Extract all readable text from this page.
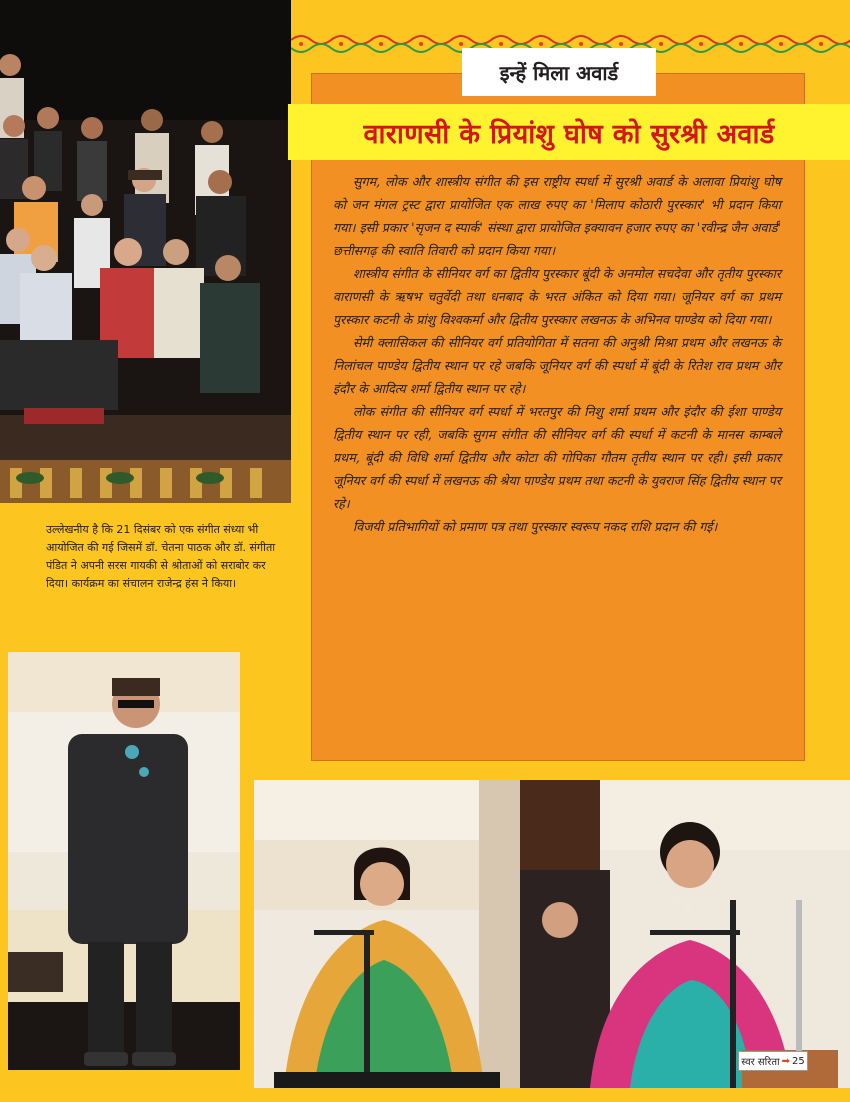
उल्लेखनीय है कि 21 दिसंबर को एक संगीत संध्या भी आयोजित की गई जिसमें डॉ. चेतना पाठक और डॉ. संगीता पंडित ने अपनी सरस गायकी से श्रोताओं को सराबोर कर दिया। कार्यक्रम का संचालन राजेन्द्र हंस ने किया।
इन्हें मिला अवार्ड
वाराणसी के प्रियांशु घोष को सुरश्री अवार्ड

सुगम, लोक और शास्त्रीय संगीत की इस राष्ट्रीय स्पर्धा में सुरश्री अवार्ड के अलावा प्रियांशु घोष को जन मंगल ट्रस्ट द्वारा प्रायोजित एक लाख रुपए का 'मिलाप कोठारी पुरस्कार' भी प्रदान किया गया। इसी प्रकार 'सृजन द स्पार्क' संस्था द्वारा प्रायोजित इक्यावन हजार रुपए का 'रवीन्द्र जैन अवार्ड' छत्तीसगढ़ की स्वाति तिवारी को प्रदान किया गया।

शास्त्रीय संगीत के सीनियर वर्ग का द्वितीय पुरस्कार बूंदी के अनमोल सचदेवा और तृतीय पुरस्कार वाराणसी के ऋषभ चतुर्वेदी तथा धनबाद के भरत अंकित को दिया गया। जूनियर वर्ग का प्रथम पुरस्कार कटनी के प्रांशु विश्वकर्मा और द्वितीय पुरस्कार लखनऊ के अभिनव पाण्डेय को दिया गया।

सेमी क्लासिकल की सीनियर वर्ग प्रतियोगिता में सतना की अनुश्री मिश्रा प्रथम और लखनऊ के निलांचल पाण्डेय द्वितीय स्थान पर रहे जबकि जूनियर वर्ग की स्पर्धा में बूंदी के रितेश राव प्रथम और इंदौर के आदित्य शर्मा द्वितीय स्थान पर रहे।

लोक संगीत की सीनियर वर्ग स्पर्धा में भरतपुर की निशु शर्मा प्रथम और इंदौर की ईशा पाण्डेय द्वितीय स्थान पर रही, जबकि सुगम संगीत की सीनियर वर्ग की स्पर्धा में कटनी के मानस काम्बले प्रथम, बूंदी की विधि शर्मा द्वितीय और कोटा की गोपिका गौतम तृतीय स्थान पर रही। इसी प्रकार जूनियर वर्ग की स्पर्धा में लखनऊ की श्रेया पाण्डेय प्रथम तथा कटनी के युवराज सिंह द्वितीय स्थान पर रहे।

विजयी प्रतिभागियों को प्रमाण पत्र तथा पुरस्कार स्वरूप नकद राशि प्रदान की गई।

स्वर सरिता ➡ 25
